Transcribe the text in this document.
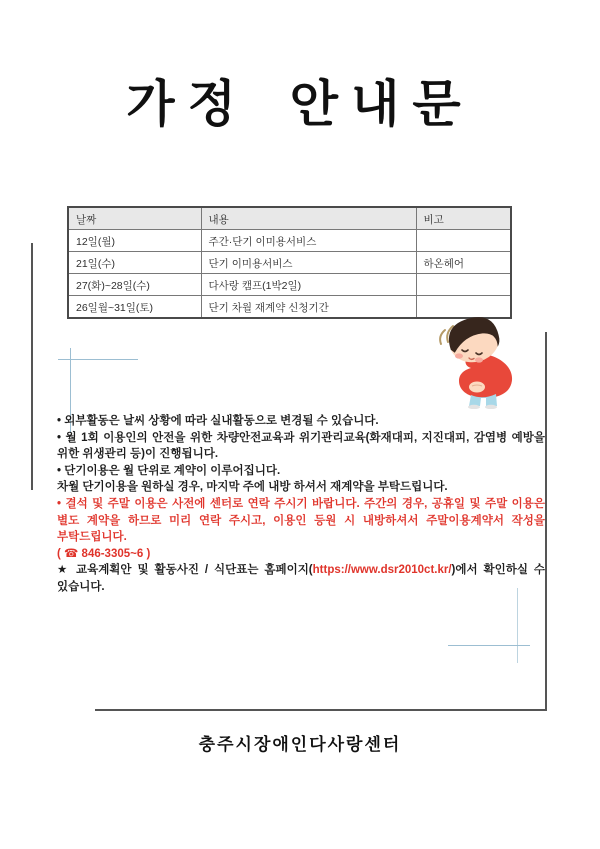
가정 안내문
날짜	내용	비고
12일(월)	주간·단기 이미용서비스	
21일(수)	단기 이미용서비스	하온헤어
27(화)~28일(수)	다사랑 캠프(1박2일)	
26일월~31일(토)	단기 차월 재계약 신청기간	

• 외부활동은 날씨 상황에 따라 실내활동으로 변경될 수 있습니다.

• 월 1회 이용인의 안전을 위한 차량안전교육과 위기관리교육(화재대피, 지진대피, 감염병 예방을 위한 위생관리 등)이 진행됩니다.

• 단기이용은 월 단위로 계약이 이루어집니다.

차월 단기이용을 원하실 경우, 마지막 주에 내방 하셔서 재계약을 부탁드립니다.

• 결석 및 주말 이용은 사전에 센터로 연락 주시기 바랍니다. 주간의 경우, 공휴일 및 주말 이용은 별도 계약을 하므로 미리 연락 주시고, 이용인 등원 시 내방하셔서 주말이용계약서 작성을 부탁드립니다.

( ☎ 846-3305~6 )

★ 교육계획안 및 활동사진 / 식단표는 홈페이지(https://www.dsr2010ct.kr/)에서 확인하실 수 있습니다.

충주시장애인다사랑센터
